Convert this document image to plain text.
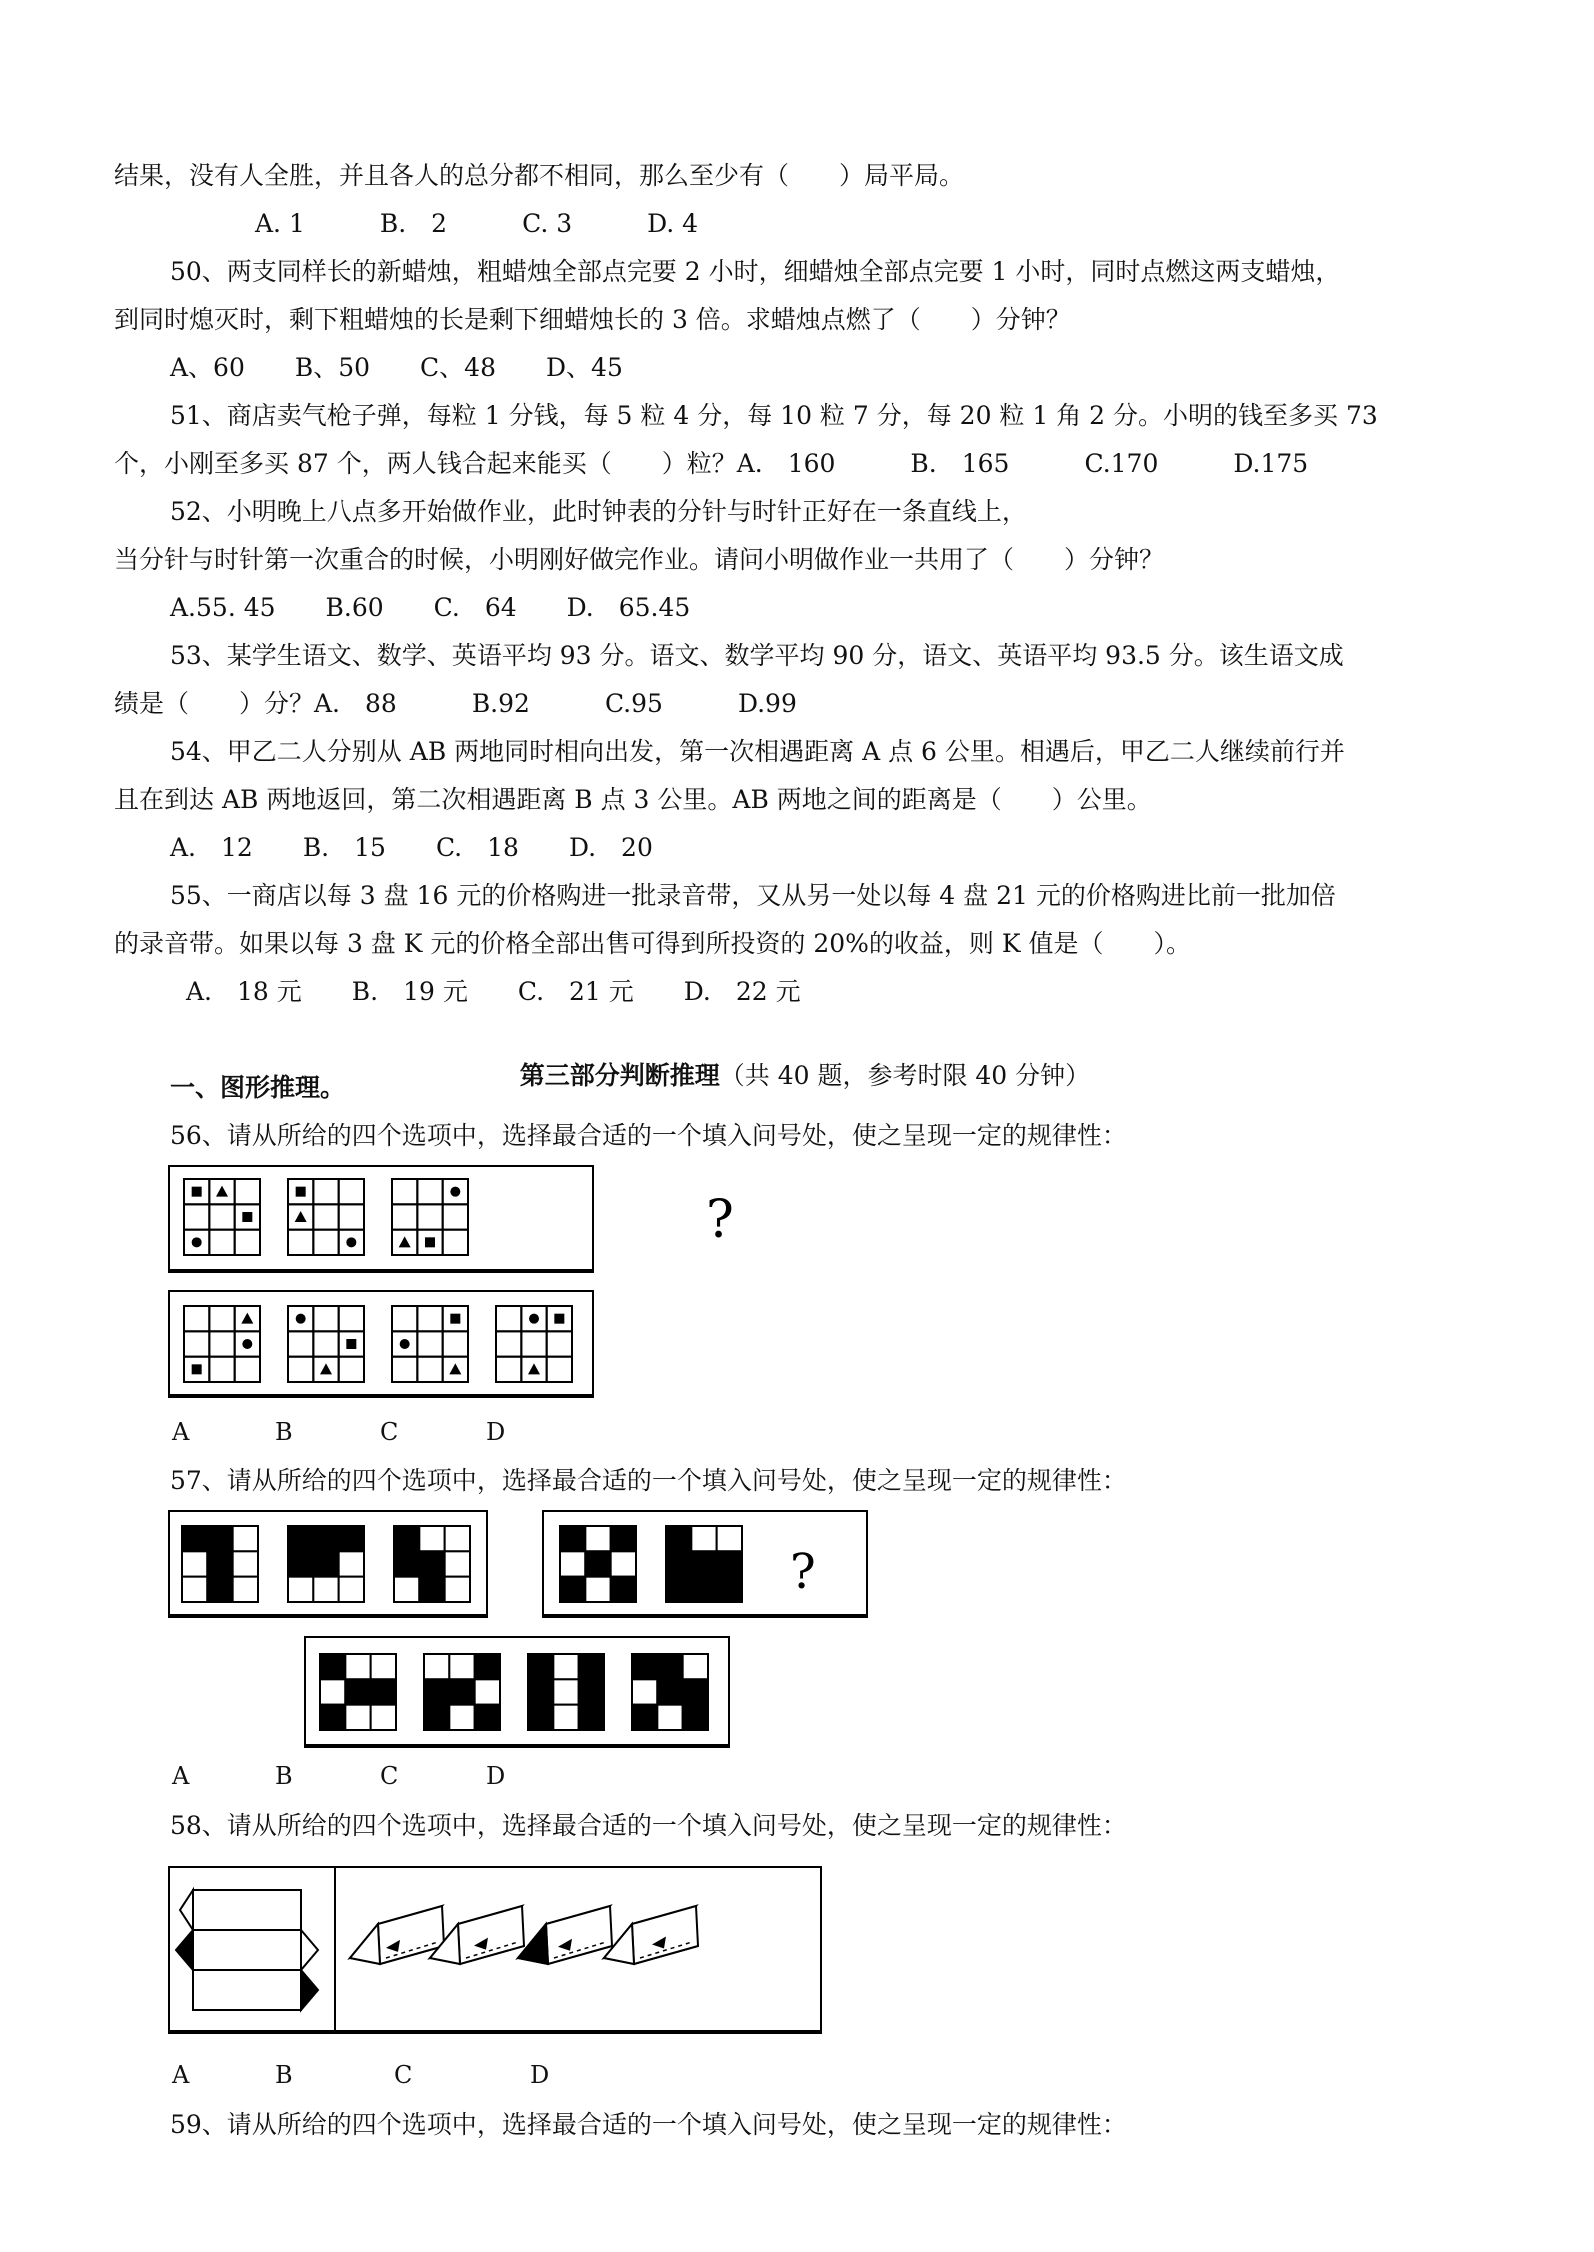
结果，没有人全胜，并且各人的总分都不相同，那么至少有（　　）局平局。
A. 1　　　B.　2　　　C. 3　　　D. 4
50、两支同样长的新蜡烛，粗蜡烛全部点完要 2 小时，细蜡烛全部点完要 1 小时，同时点燃这两支蜡烛，
到同时熄灭时，剩下粗蜡烛的长是剩下细蜡烛长的 3 倍。求蜡烛点燃了（　　）分钟？
A、60　　B、50　　C、48　　D、45
51、商店卖气枪子弹，每粒 1 分钱，每 5 粒 4 分，每 10 粒 7 分，每 20 粒 1 角 2 分。小明的钱至多买 73
个，小刚至多买 87 个，两人钱合起来能买（　　）粒？A.　160　　　B.　165　　　C.170　　　D.175
52、小明晚上八点多开始做作业，此时钟表的分针与时针正好在一条直线上，
当分针与时针第一次重合的时候，小明刚好做完作业。请问小明做作业一共用了（　　）分钟？
A.55. 45　　B.60　　C.　64　　D.　65.45
53、某学生语文、数学、英语平均 93 分。语文、数学平均 90 分，语文、英语平均 93.5 分。该生语文成
绩是（　　）分？A.　88　　　B.92　　　C.95　　　D.99
54、甲乙二人分别从 AB 两地同时相向出发，第一次相遇距离 A 点 6 公里。相遇后，甲乙二人继续前行并
且在到达 AB 两地返回，第二次相遇距离 B 点 3 公里。AB 两地之间的距离是（　　）公里。
A.　12　　B.　15　　C.　18　　D.　20
55、一商店以每 3 盘 16 元的价格购进一批录音带，又从另一处以每 4 盘 21 元的价格购进比前一批加倍
的录音带。如果以每 3 盘 K 元的价格全部出售可得到所投资的 20%的收益，则 K 值是（　　）。
A.　18 元　　B.　19 元　　C.　21 元　　D.　22 元

第三部分判断推理（共 40 题，参考时限 40 分钟）

一、图形推理。
56、请从所给的四个选项中，选择最合适的一个填入问号处，使之呈现一定的规律性：
?
A	B	C	D
57、请从所给的四个选项中，选择最合适的一个填入问号处，使之呈现一定的规律性：
?
A	B	C	D
58、请从所给的四个选项中，选择最合适的一个填入问号处，使之呈现一定的规律性：
A	B	C	D
59、请从所给的四个选项中，选择最合适的一个填入问号处，使之呈现一定的规律性：
